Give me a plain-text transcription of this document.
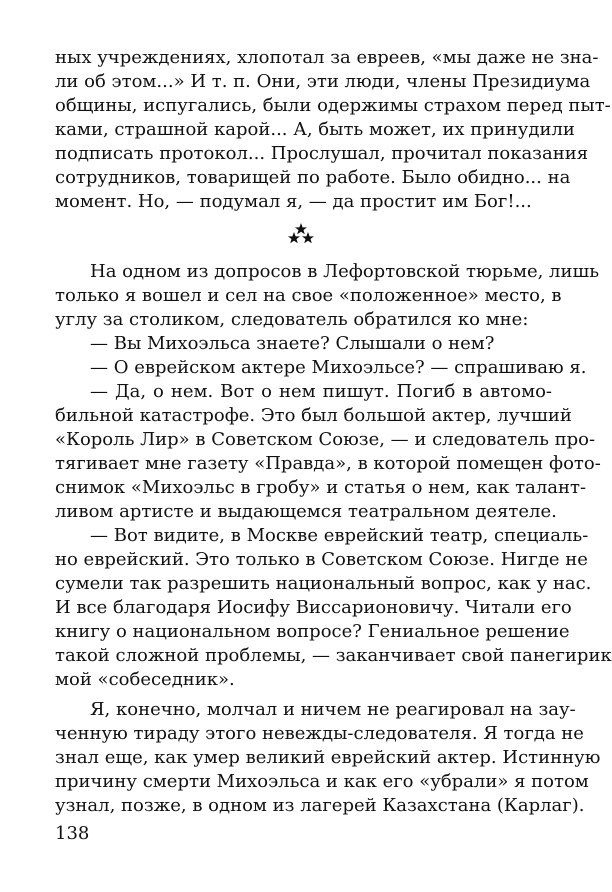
ных учреждениях, хлопотал за евреев, «мы даже не зна-
ли об этом...» И т. п. Они, эти люди, члены Президиума
общины, испугались, были одержимы страхом перед пыт-
ками, страшной карой... А, быть может, их принудили
подписать протокол... Прослушал, прочитал показания
сотрудников, товарищей по работе. Было обидно... на
момент. Но, — подумал я, — да простит им Бог!...
На одном из допросов в Лефортовской тюрьме, лишь
только я вошел и сел на свое «положенное» место, в
углу за столиком, следователь обратился ко мне:
— Вы Михоэльса знаете? Слышали о нем?
— О еврейском актере Михоэльсе? — спрашиваю я.
— Да, о нем. Вот о нем пишут. Погиб в автомо-
бильной катастрофе. Это был большой актер, лучший
«Король Лир» в Советском Союзе, — и следователь про-
тягивает мне газету «Правда», в которой помещен фото-
снимок «Михоэльс в гробу» и статья о нем, как талант-
ливом артисте и выдающемся театральном деятеле.
— Вот видите, в Москве еврейский театр, специаль-
но еврейский. Это только в Советском Союзе. Нигде не
сумели так разрешить национальный вопрос, как у нас.
И все благодаря Иосифу Виссарионовичу. Читали его
книгу о национальном вопросе? Гениальное решение
такой сложной проблемы, — заканчивает свой панегирик
мой «собеседник».
Я, конечно, молчал и ничем не реагировал на зау-
ченную тираду этого невежды-следователя. Я тогда не
знал еще, как умер великий еврейский актер. Истинную
причину смерти Михоэльса и как его «убрали» я потом
узнал, позже, в одном из лагерей Казахстана (Карлаг).
138
